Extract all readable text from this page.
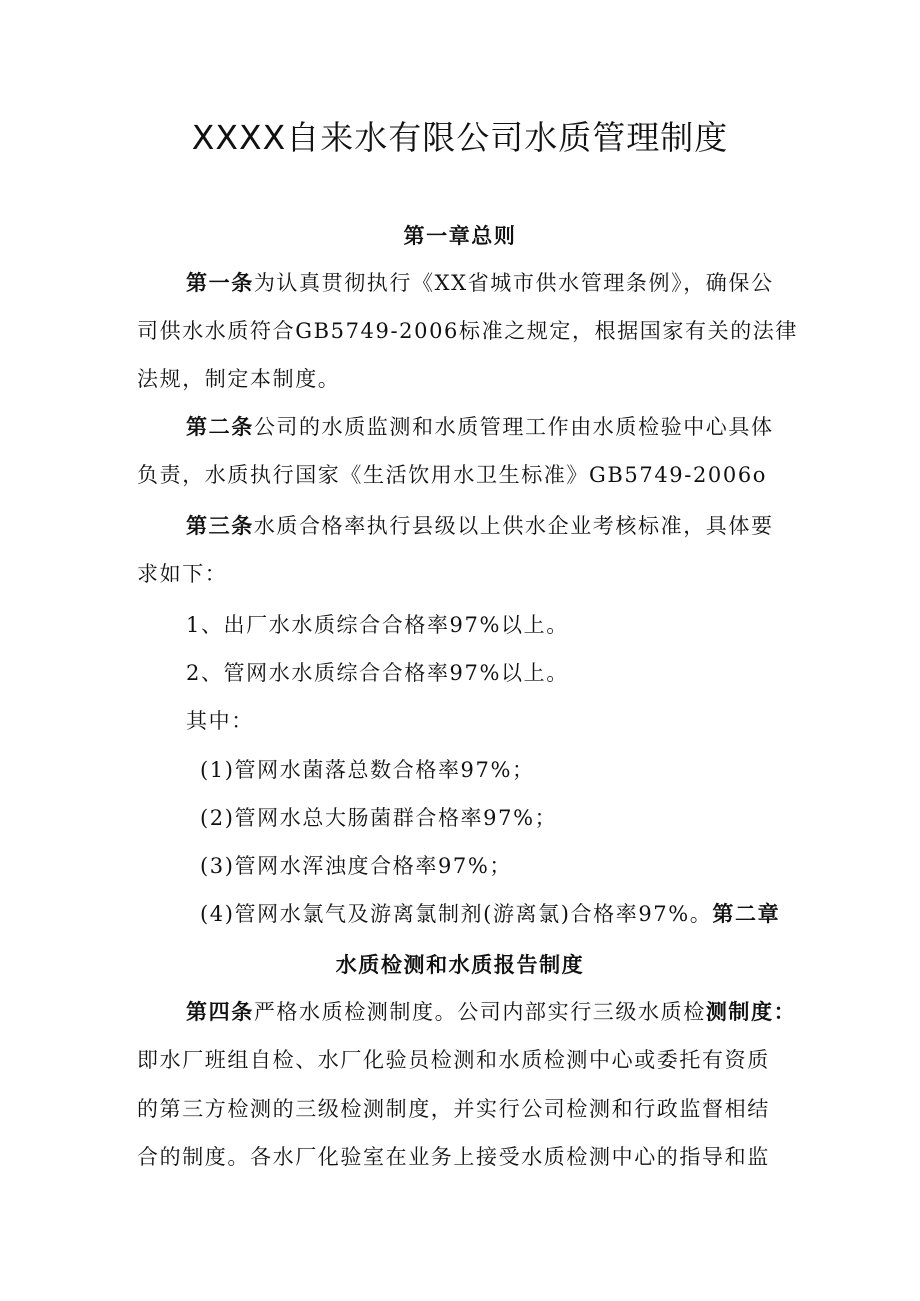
XXXX自来水有限公司水质管理制度
第一章总则
第一条为认真贯彻执行《XX省城市供水管理条例》，确保公
司供水水质符合GB5749-2006标准之规定，根据国家有关的法律
法规，制定本制度。
第二条公司的水质监测和水质管理工作由水质检验中心具体
负责，水质执行国家《生活饮用水卫生标准》GB5749-2006o
第三条水质合格率执行县级以上供水企业考核标准，具体要
求如下：
1、出厂水水质综合合格率97%以上。
2、管网水水质综合合格率97%以上。
其中：
(1)管网水菌落总数合格率97%；
(2)管网水总大肠菌群合格率97%；
(3)管网水浑浊度合格率97%；
(4)管网水氯气及游离氯制剂(游离氯)合格率97%。第二章
水质检测和水质报告制度
第四条严格水质检测制度。公司内部实行三级水质检测制度：
即水厂班组自检、水厂化验员检测和水质检测中心或委托有资质
的第三方检测的三级检测制度，并实行公司检测和行政监督相结
合的制度。各水厂化验室在业务上接受水质检测中心的指导和监
